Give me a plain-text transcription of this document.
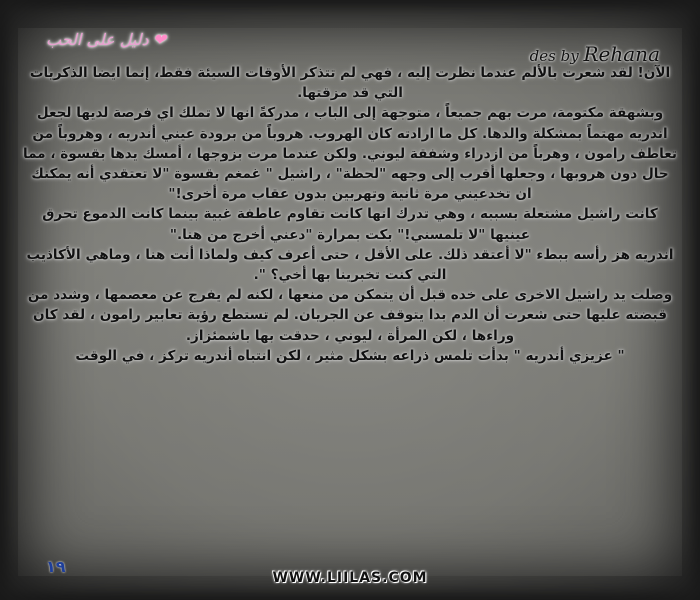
دليل على الحب ❤
des by Rehana

الآن! لقد شعرت بالألم عندما نظرت إليه ، فهي لم تتذكر الأوقات السيئة فقط، إنما ايضا الذكريات التي قد مزقتها.

وبشهقة مكتومة، مرت بهم جميعاً ، متوجهة إلى الباب ، مدركةً انها لا تملك اي فرصة لديها لجعل اندريه مهتماً بمشكلة والدها. كل ما ارادته كان الهروب. هروباً من برودة عيني أندريه ، وهروباً من تعاطف رامون ، وهرباً من ازدراء وشفقة ليوني. ولكن عندما مرت بزوجها ، أمسك يدها بقسوة ، مما حال دون هروبها ، وجعلها أقرب إلى وجهه "لحظة" ، راشيل " غمغم بقسوة "لا تعتقدي أنه يمكنك ان تخدعيني مرة ثانية وتهربين بدون عقاب مرة أخرى!"

كانت راشيل مشتعلة بسببه ، وهي تدرك انها كانت تقاوم عاطفة غبية بينما كانت الدموع تحرق عينيها "لا تلمسني!" بكت بمرارة "دعني أخرج من هنا."

اندريه هز رأسه ببطء "لا أعتقد ذلك. على الأقل ، حتى أعرف كيف ولماذا أنت هنا ، وماهي الأكاذيب التي كنت تخبرينا بها أخي؟ ".

وصلت يد راشيل الاخرى على خده قبل أن يتمكن من منعها ، لكنه لم يفرج عن معصمها ، وشدد من قبضته عليها حتى شعرت أن الدم بدا يتوقف عن الجريان. لم تستطع رؤية تعابير رامون ، لقد كان وراءها ، لكن المرأة ، ليوني ، حدقت بها باشمئزاز.

" عزيزي أندريه " بدأت تلمس ذراعه بشكل مثير ، لكن انتباه أندريه تركز ، في الوقت

١٩
WWW.LIILAS.COM
